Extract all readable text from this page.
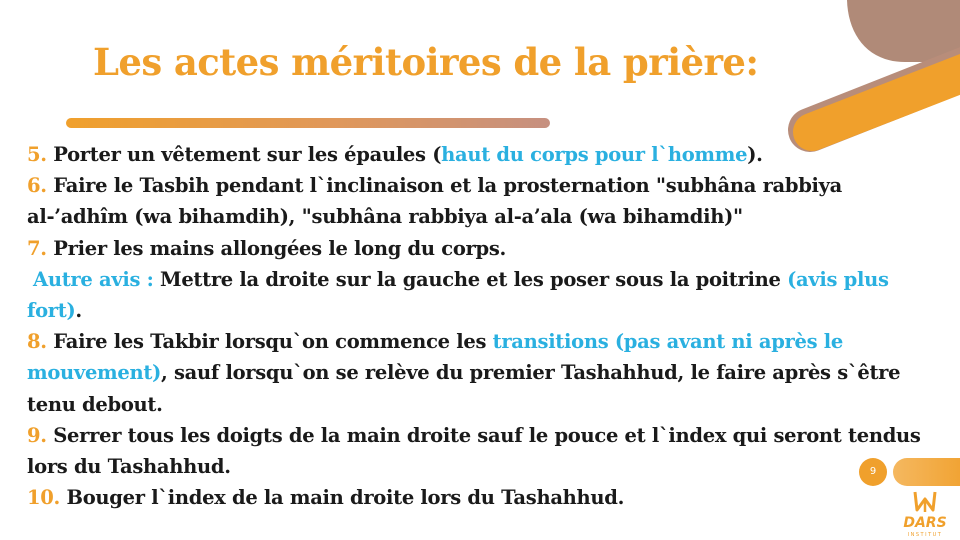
Les actes méritoires de la prière:

5. Porter un vêtement sur les épaules (haut du corps pour l`homme).

6. Faire le Tasbih pendant l`inclinaison et la prosternation "subhâna rabbiya al-’adhîm (wa bihamdih), "subhâna rabbiya al-a’ala (wa bihamdih)"

7. Prier les mains allongées le long du corps.

Autre avis : Mettre la droite sur la gauche et les poser sous la poitrine (avis plus fort).

8. Faire les Takbir lorsqu`on commence les transitions (pas avant ni après le mouvement), sauf lorsqu`on se relève du premier Tashahhud, le faire après s`être tenu debout.

9. Serrer tous les doigts de la main droite sauf le pouce et l`index qui seront tendus lors du Tashahhud.

10. Bouger l`index de la main droite lors du Tashahhud.

9
DARS
INSTITUT
